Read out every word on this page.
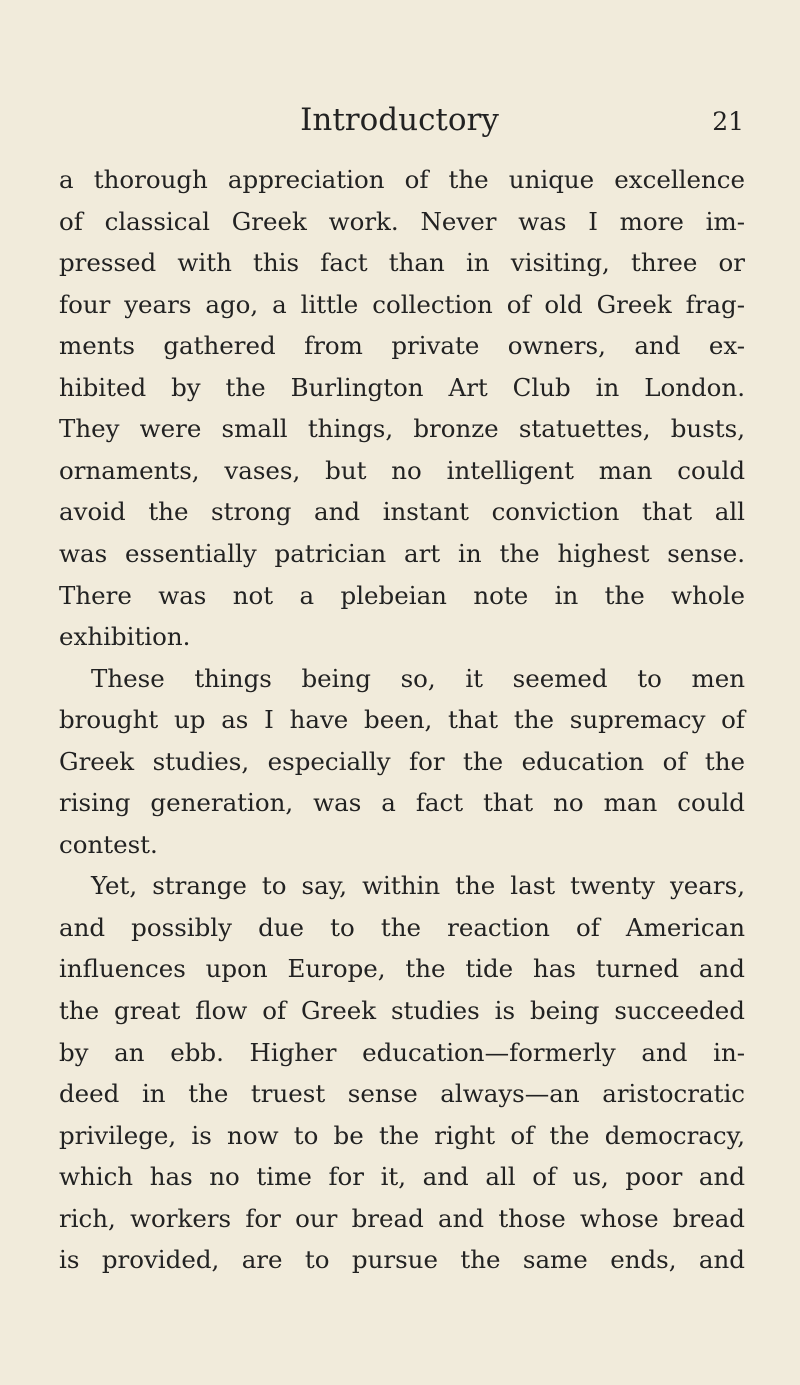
Introductory	21
a thorough appreciation of the unique excellence
of classical Greek work. Never was I more im-
pressed with this fact than in visiting, three or
four years ago, a little collection of old Greek frag-
ments gathered from private owners, and ex-
hibited by the Burlington Art Club in London.
They were small things, bronze statuettes, busts,
ornaments, vases, but no intelligent man could
avoid the strong and instant conviction that all
was essentially patrician art in the highest sense.
There was not a plebeian note in the whole
exhibition.
These things being so, it seemed to men
brought up as I have been, that the supremacy of
Greek studies, especially for the education of the
rising generation, was a fact that no man could
contest.
Yet, strange to say, within the last twenty years,
and possibly due to the reaction of American
influences upon Europe, the tide has turned and
the great flow of Greek studies is being succeeded
by an ebb. Higher education—formerly and in-
deed in the truest sense always—an aristocratic
privilege, is now to be the right of the democracy,
which has no time for it, and all of us, poor and
rich, workers for our bread and those whose bread
is provided, are to pursue the same ends, and
